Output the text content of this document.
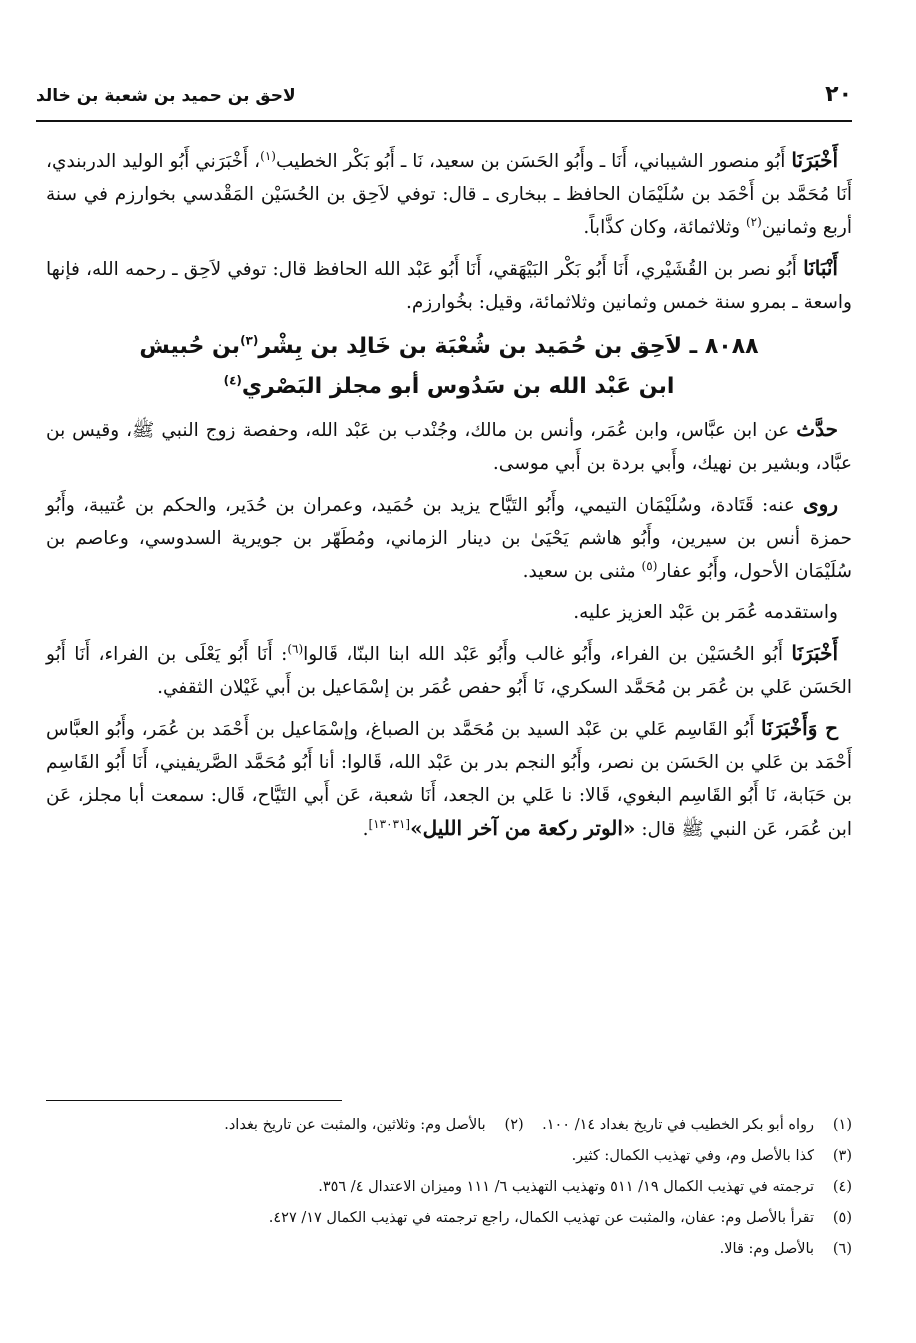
٢٠
لاحق بن حميد بن شعبة بن خالد

أَخْبَرَنَا أَبُو منصور الشيباني، أَنَا ـ وأَبُو الحَسَن بن سعيد، نَا ـ أَبُو بَكْر الخطيب$^{(١)}$، أَخْبَرَني أَبُو الوليد الدربندي، أَنَا مُحَمَّد بن أَحْمَد بن سُلَيْمَان الحافظ ـ ببخارى ـ قال: توفي لاَحِق بن الحُسَيْن المَقْدسي بخوارزم في سنة أربع وثمانين$^{(٢)}$ وثلاثمائة، وكان كذَّاباً.

أَنْبَانَا أَبُو نصر بن القُشَيْري، أَنَا أَبُو بَكْر البَيْهَقي، أَنَا أَبُو عَبْد الله الحافظ قال: توفي لاَحِق ـ رحمه الله، فإنها واسعة ـ بمرو سنة خمس وثمانين وثلاثمائة، وقيل: بخُوارزم.

٨٠٨٨ ـ لاَحِق بن حُمَيد بن شُعْبَة بن خَالِد بن بِشْر$^{(٣)}$بن حُبيش
ابن عَبْد الله بن سَدُوس أبو مجلز البَصْري$^{(٤)}$

حدَّث عن ابن عبَّاس، وابن عُمَر، وأنس بن مالك، وجُنْدب بن عَبْد الله، وحفصة زوج النبي ﷺ، وقيس بن عبَّاد، وبشير بن نهيك، وأَبي بردة بن أَبي موسى.

روى عنه: قَتَادة، وسُلَيْمَان التيمي، وأَبُو التَيَّاح يزيد بن حُمَيد، وعمران بن حُدَير، والحكم بن عُتيبة، وأَبُو حمزة أنس بن سيرين، وأَبُو هاشم يَحْيَىٰ بن دينار الزماني، ومُطَهّر بن جويرية السدوسي، وعاصم بن سُلَيْمَان الأحول، وأَبُو عفار$^{(٥)}$ مثنى بن سعيد.

واستقدمه عُمَر بن عَبْد العزيز عليه.

أَخْبَرَنَا أَبُو الحُسَيْن بن الفراء، وأَبُو غالب وأَبُو عَبْد الله ابنا البنّا، قَالوا$^{(٦)}$: أَنَا أَبُو يَعْلَى بن الفراء، أَنَا أَبُو الحَسَن عَلي بن عُمَر بن مُحَمَّد السكري، نَا أَبُو حفص عُمَر بن إسْمَاعيل بن أَبي غَيْلان الثقفي.

ح وَأَخْبَرَنَا أَبُو القَاسِم عَلي بن عَبْد السيد بن مُحَمَّد بن الصباغ، وإسْمَاعيل بن أَحْمَد بن عُمَر، وأَبُو العبَّاس أَحْمَد بن عَلي بن الحَسَن بن نصر، وأَبُو النجم بدر بن عَبْد الله، قَالوا: أنا أَبُو مُحَمَّد الصَّريفيني، أَنَا أَبُو القَاسِم بن حَبَابة، نَا أَبُو القَاسِم البغوي، قَالا: نا عَلي بن الجعد، أَنَا شعبة، عَن أَبي التَيَّاح، قَال: سمعت أبا مجلز، عَن ابن عُمَر، عَن النبي ﷺ قال: «الوتر ركعة من آخر الليل»[١٣٠٣١].

(١)رواه أبو بكر الخطيب في تاريخ بغداد ١٤/ ١٠٠.    (٢)بالأصل وم: وثلاثين، والمثبت عن تاريخ بغداد.
(٣)كذا بالأصل وم، وفي تهذيب الكمال: كثير.
(٤)ترجمته في تهذيب الكمال ١٩/ ٥١١ وتهذيب التهذيب ٦/ ١١١ وميزان الاعتدال ٤/ ٣٥٦.
(٥)تقرأ بالأصل وم: عفان، والمثبت عن تهذيب الكمال، راجع ترجمته في تهذيب الكمال ١٧/ ٤٢٧.
(٦)بالأصل وم: قالا.
